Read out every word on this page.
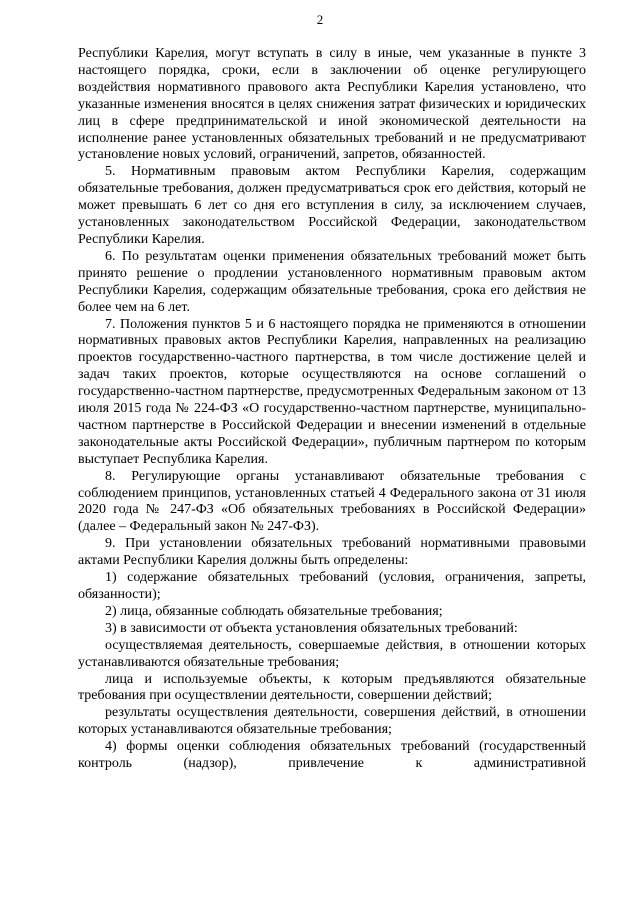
2

Республики Карелия, могут вступать в силу в иные, чем указанные в пункте 3 настоящего порядка, сроки, если в заключении об оценке регулирующего воздействия нормативного правового акта Республики Карелия установлено, что указанные изменения вносятся в целях снижения затрат физических и юридических лиц в сфере предпринимательской и иной экономической деятельности на исполнение ранее установленных обязательных требований и не предусматривают установление новых условий, ограничений, запретов, обязанностей.

5. Нормативным правовым актом Республики Карелия, содержащим обязательные требования, должен предусматриваться срок его действия, который не может превышать 6 лет со дня его вступления в силу, за исключением случаев, установленных законодательством Российской Федерации, законодательством Республики Карелия.

6. По результатам оценки применения обязательных требований может быть принято решение о продлении установленного нормативным правовым актом Республики Карелия, содержащим обязательные требования, срока его действия не более чем на 6 лет.

7. Положения пунктов 5 и 6 настоящего порядка не применяются в отношении нормативных правовых актов Республики Карелия, направленных на реализацию проектов государственно-частного партнерства, в том числе достижение целей и задач таких проектов, которые осуществляются на основе соглашений о государственно-частном партнерстве, предусмотренных Федеральным законом от 13 июля 2015 года № 224-ФЗ «О государственно-частном партнерстве, муниципально-частном партнерстве в Российской Федерации и внесении изменений в отдельные законодательные акты Российской Федерации», публичным партнером по которым выступает Республика Карелия.

8. Регулирующие органы устанавливают обязательные требования с соблюдением принципов, установленных статьей 4 Федерального закона от 31 июля 2020 года № 247-ФЗ «Об обязательных требованиях в Российской Федерации» (далее – Федеральный закон № 247-ФЗ).

9. При установлении обязательных требований нормативными правовыми актами Республики Карелия должны быть определены:

1) содержание обязательных требований (условия, ограничения, запреты, обязанности);

2) лица, обязанные соблюдать обязательные требования;

3) в зависимости от объекта установления обязательных требований:

осуществляемая деятельность, совершаемые действия, в отношении которых устанавливаются обязательные требования;

лица и используемые объекты, к которым предъявляются обязательные требования при осуществлении деятельности, совершении действий;

результаты осуществления деятельности, совершения действий, в отношении которых устанавливаются обязательные требования;

4) формы оценки соблюдения обязательных требований (государственный контроль (надзор), привлечение к административной
